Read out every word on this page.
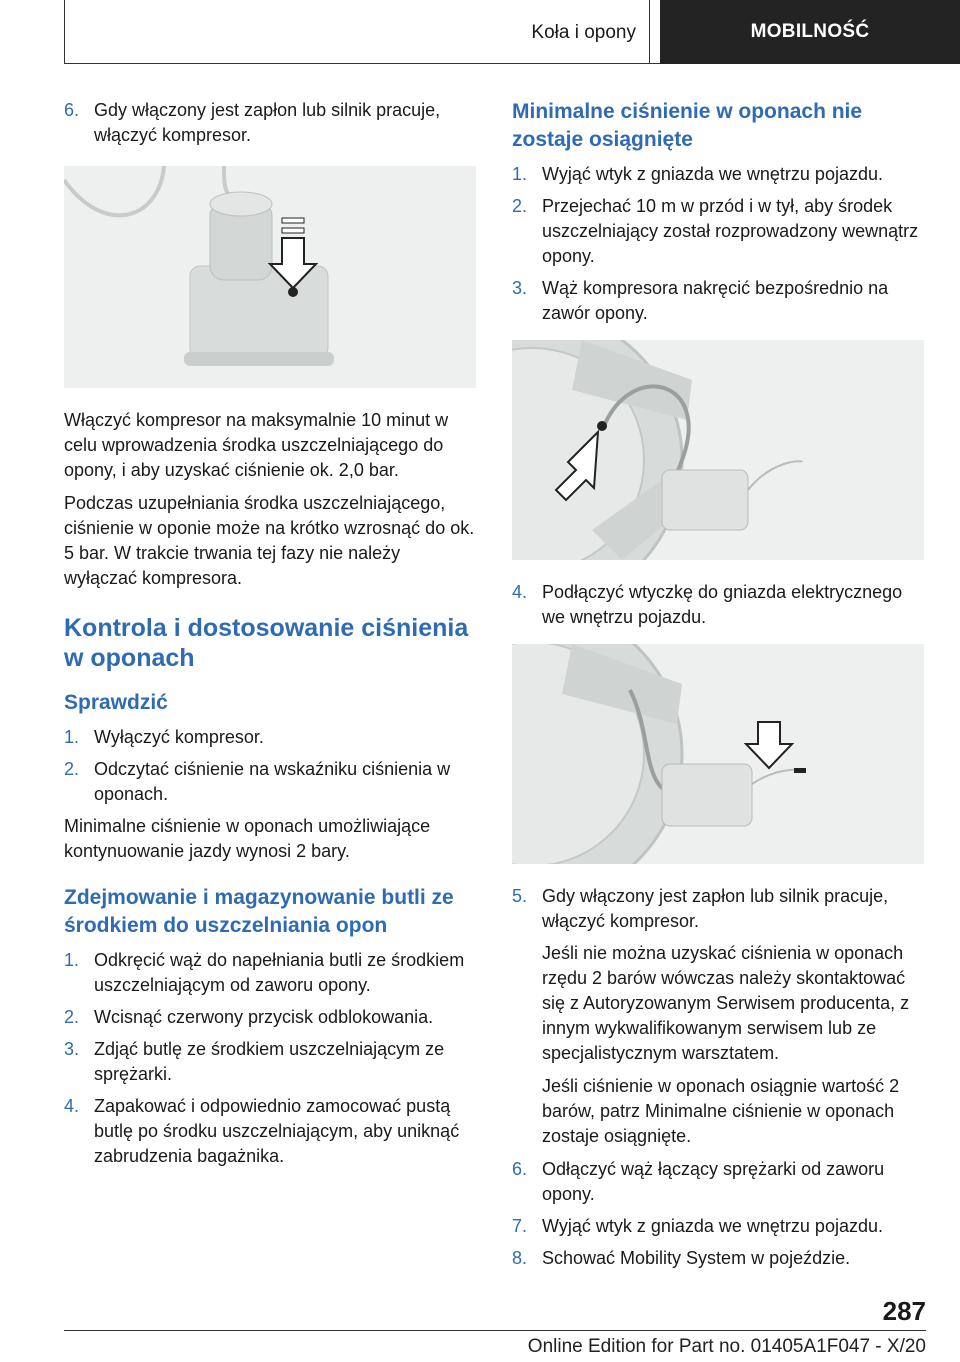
Koła i opony	MOBILNOŚĆ
6. Gdy włączony jest zapłon lub silnik pracuje, włączyć kompresor.

Włączyć kompresor na maksymalnie 10 minut w celu wprowadzenia środka uszczelniającego do opony, i aby uzyskać ciśnienie ok. 2,0 bar.

Podczas uzupełniania środka uszczelniającego, ciśnienie w oponie może na krótko wzrosnąć do ok. 5 bar. W trakcie trwania tej fazy nie należy wyłączać kompresora.

Kontrola i dostosowanie ciśnienia w oponach
Sprawdzić
1. Wyłączyć kompresor.
2. Odczytać ciśnienie na wskaźniku ciśnienia w oponach.

Minimalne ciśnienie w oponach umożliwiające kontynuowanie jazdy wynosi 2 bary.

Zdejmowanie i magazynowanie butli ze środkiem do uszczelniania opon
1. Odkręcić wąż do napełniania butli ze środkiem uszczelniającym od zaworu opony.
2. Wcisnąć czerwony przycisk odblokowania.
3. Zdjąć butlę ze środkiem uszczelniającym ze sprężarki.
4. Zapakować i odpowiednio zamocować pustą butlę po środku uszczelniającym, aby uniknąć zabrudzenia bagażnika.
Minimalne ciśnienie w oponach nie zostaje osiągnięte
1. Wyjąć wtyk z gniazda we wnętrzu pojazdu.
2. Przejechać 10 m w przód i w tył, aby środek uszczelniający został rozprowadzony wewnątrz opony.
3. Wąż kompresora nakręcić bezpośrednio na zawór opony.
4. Podłączyć wtyczkę do gniazda elektrycznego we wnętrzu pojazdu.
5. Gdy włączony jest zapłon lub silnik pracuje, włączyć kompresor.

Jeśli nie można uzyskać ciśnienia w oponach rzędu 2 barów wówczas należy skontaktować się z Autoryzowanym Serwisem producenta, z innym wykwalifikowanym serwisem lub ze specjalistycznym warsztatem.

Jeśli ciśnienie w oponach osiągnie wartość 2 barów, patrz Minimalne ciśnienie w oponach zostaje osiągnięte.

6. Odłączyć wąż łączący sprężarki od zaworu opony.
7. Wyjąć wtyk z gniazda we wnętrzu pojazdu.
8. Schować Mobility System w pojeździe.
287
Online Edition for Part no. 01405A1F047 - X/20
